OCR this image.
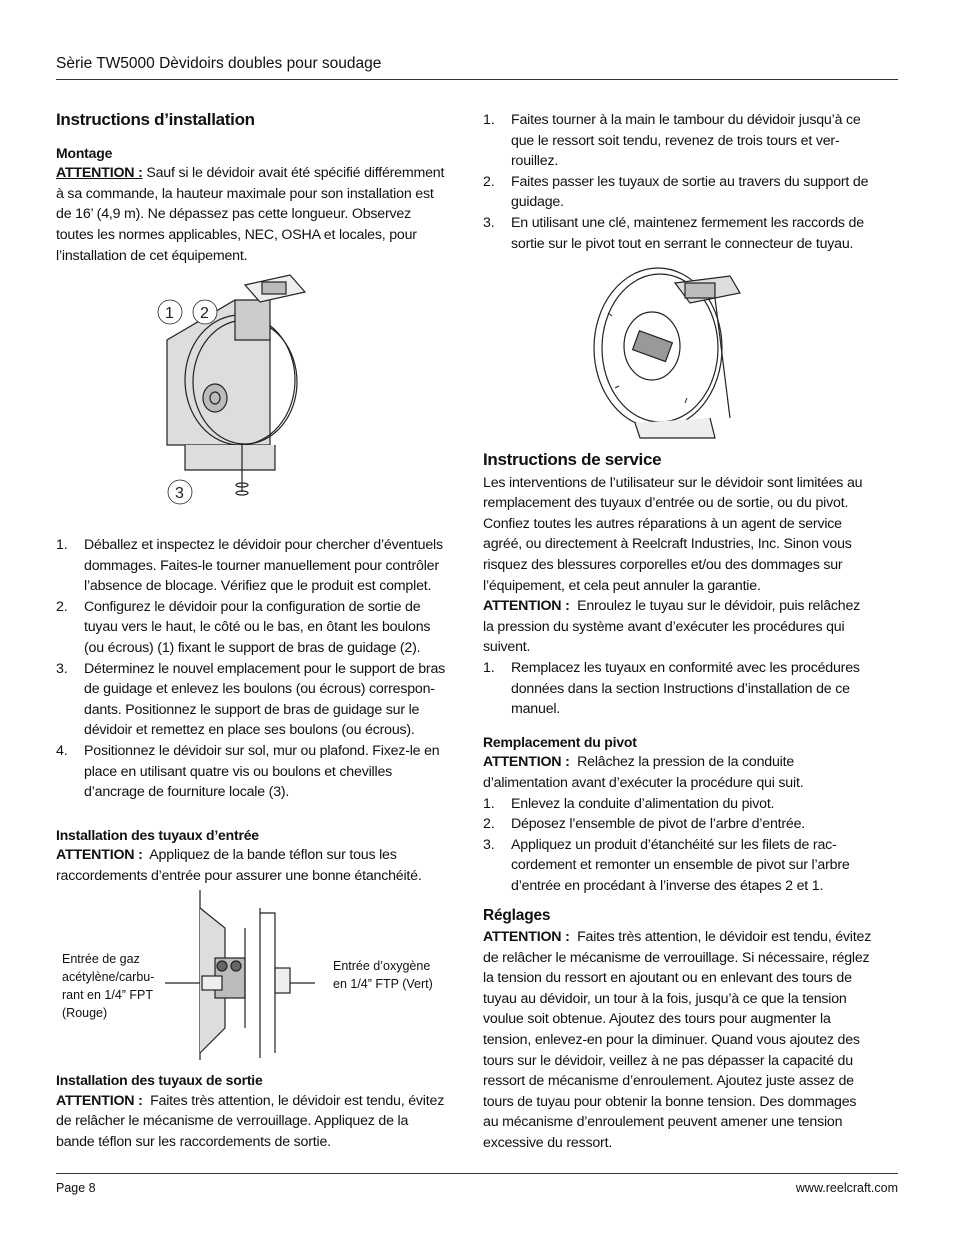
Sèrie TW5000 Dèvidoirs doubles pour soudage
Instructions d’installation
Montage

ATTENTION : Sauf si le dévidoir avait été spécifié différemment à sa commande, la hauteur maximale pour son installation est de 16’ (4,9 m). Ne dépassez pas cette longueur. Observez toutes les normes applicables, NEC, OSHA et locales, pour l’installation de cet équipement.

2
1
3
1. Déballez et inspectez le dévidoir pour chercher d’éventuels dommages. Faites-le tourner manuellement pour contrôler l’absence de blocage. Vérifiez que le produit est complet.
2. Configurez le dévidoir pour la configuration de sortie de tuyau vers le haut, le côté ou le bas, en ôtant les boulons (ou écrous) (1) fixant le support de bras de guidage (2).
3. Déterminez le nouvel emplacement pour le support de bras de guidage et enlevez les boulons (ou écrous) correspon- dants. Positionnez le support de bras de guidage sur le dévidoir et remettez en place ses boulons (ou écrous).
4. Positionnez le dévidoir sur sol, mur ou plafond. Fixez-le en place en utilisant quatre vis ou boulons et chevilles d’ancrage de fourniture locale (3).
Installation des tuyaux d’entrée

ATTENTION : Appliquez de la bande téflon sur tous les raccordements d’entrée pour assurer une bonne étanchéité.

Entrée de gaz acétylène/carbu- rant en 1/4” FPT (Rouge)
Entrée d’oxygène en 1/4” FTP (Vert)
Installation des tuyaux de sortie

ATTENTION : Faites très attention, le dévidoir est tendu, évitez de relâcher le mécanisme de verrouillage. Appliquez de la bande téflon sur les raccordements de sortie.

1. Faites tourner à la main le tambour du dévidoir jusqu’à ce que le ressort soit tendu, revenez de trois tours et ver- rouillez.
2. Faites passer les tuyaux de sortie au travers du support de guidage.
3. En utilisant une clé, maintenez fermement les raccords de sortie sur le pivot tout en serrant le connecteur de tuyau.
Instructions de service

Les interventions de l’utilisateur sur le dévidoir sont limitées au remplacement des tuyaux d’entrée ou de sortie, ou du pivot. Confiez toutes les autres réparations à un agent de service agréé, ou directement à Reelcraft Industries, Inc. Sinon vous risquez des blessures corporelles et/ou des dommages sur l’équipement, et cela peut annuler la garantie.

ATTENTION : Enroulez le tuyau sur le dévidoir, puis relâchez la pression du système avant d’exécuter les procédures qui suivent.

1. Remplacez les tuyaux en conformité avec les procédures données dans la section Instructions d’installation de ce manuel.
Remplacement du pivot

ATTENTION : Relâchez la pression de la conduite d’alimentation avant d’exécuter la procédure qui suit.

1. Enlevez la conduite d’alimentation du pivot.
2. Déposez l’ensemble de pivot de l’arbre d’entrée.
3. Appliquez un produit d’étanchéité sur les filets de rac- cordement et remonter un ensemble de pivot sur l’arbre d’entrée en procédant à l’inverse des étapes 2 et 1.
Réglages

ATTENTION : Faites très attention, le dévidoir est tendu, évitez de relâcher le mécanisme de verrouillage. Si nécessaire, réglez la tension du ressort en ajoutant ou en enlevant des tours de tuyau au dévidoir, un tour à la fois, jusqu’à ce que la tension voulue soit obtenue. Ajoutez des tours pour augmenter la tension, enlevez-en pour la diminuer. Quand vous ajoutez des tours sur le dévidoir, veillez à ne pas dépasser la capacité du ressort de mécanisme d’enroulement. Ajoutez juste assez de tours de tuyau pour obtenir la bonne tension. Des dommages au mécanisme d’enroulement peuvent amener une tension excessive du ressort.

Page 8	www.reelcraft.com
